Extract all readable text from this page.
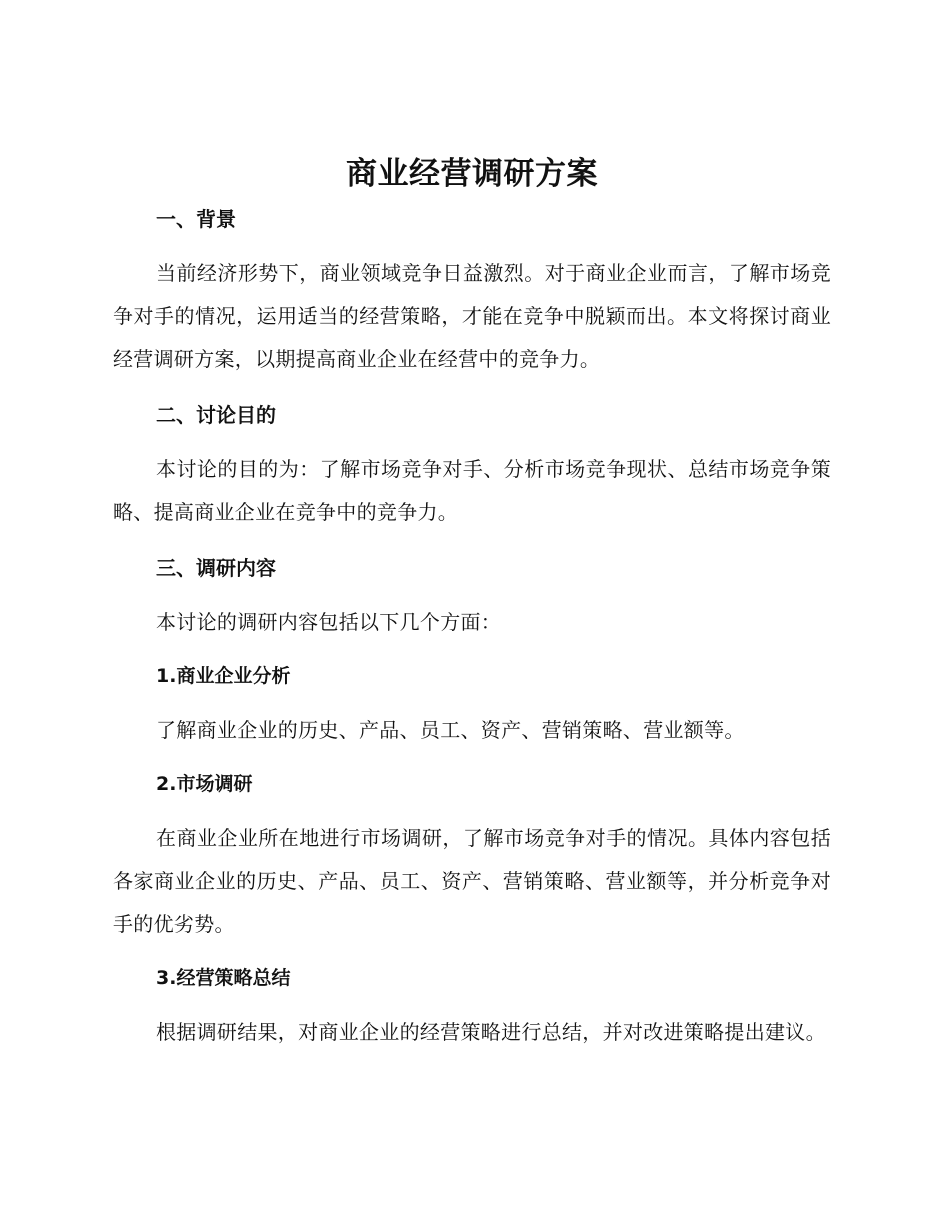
商业经营调研方案
一、背景

当前经济形势下，商业领域竞争日益激烈。对于商业企业而言，了解市场竞争对手的情况，运用适当的经营策略，才能在竞争中脱颖而出。本文将探讨商业经营调研方案，以期提高商业企业在经营中的竞争力。

二、讨论目的

本讨论的目的为：了解市场竞争对手、分析市场竞争现状、总结市场竞争策略、提高商业企业在竞争中的竞争力。

三、调研内容

本讨论的调研内容包括以下几个方面：

1.商业企业分析

了解商业企业的历史、产品、员工、资产、营销策略、营业额等。

2.市场调研

在商业企业所在地进行市场调研，了解市场竞争对手的情况。具体内容包括各家商业企业的历史、产品、员工、资产、营销策略、营业额等，并分析竞争对手的优劣势。

3.经营策略总结

根据调研结果，对商业企业的经营策略进行总结，并对改进策略提出建议。
